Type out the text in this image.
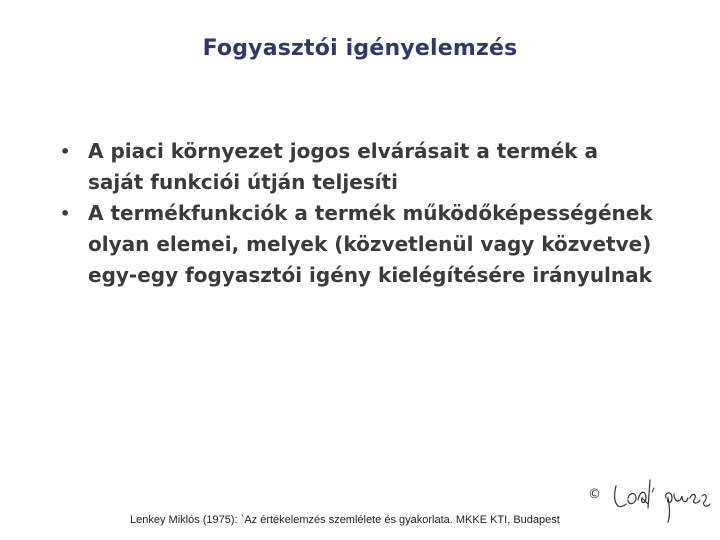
Fogyasztói igényelemzés
• A piaci környezet jogos elvárásait a termék a saját funkciói útján teljesíti
• A termékfunkciók a termék működőképességének olyan elemei, melyek (közvetlenül vagy közvetve) egy-egy fogyasztói igény kielégítésére irányulnak
©
Lenkey Miklós (1975): `Az értékelemzés szemlélete és gyakorlata. MKKE KTI, Budapest
